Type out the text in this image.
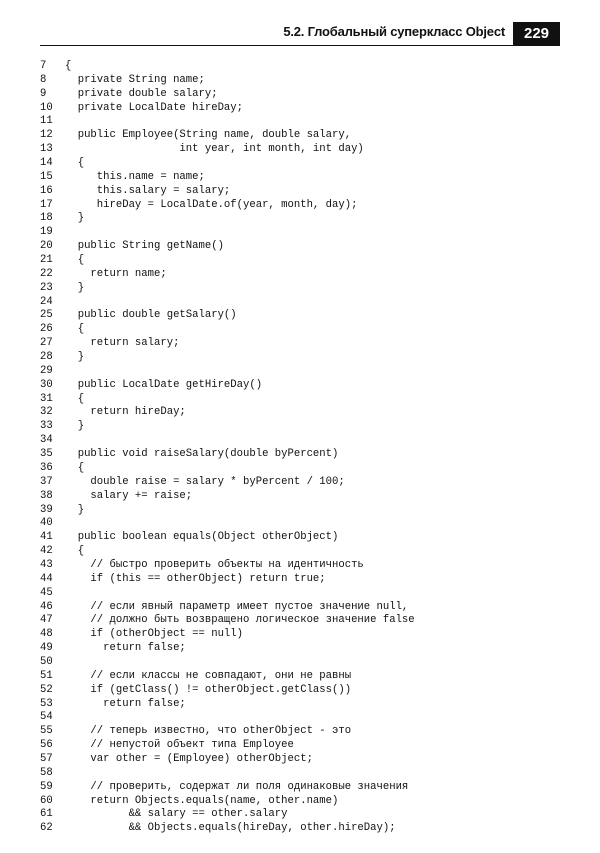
5.2. Глобальный суперкласс Object	229
7 {
8  private String name;
9  private double salary;
10  private LocalDate hireDay;
11
12  public Employee(String name, double salary,
13                  int year, int month, int day)
14  {
15     this.name = name;
16     this.salary = salary;
17     hireDay = LocalDate.of(year, month, day);
18  }
19
20  public String getName()
21  {
22    return name;
23  }
24
25  public double getSalary()
26  {
27    return salary;
28  }
29
30  public LocalDate getHireDay()
31  {
32    return hireDay;
33  }
34
35  public void raiseSalary(double byPercent)
36  {
37    double raise = salary * byPercent / 100;
38    salary += raise;
39  }
40
41  public boolean equals(Object otherObject)
42  {
43    // быстро проверить объекты на идентичность
44    if (this == otherObject) return true;
45
46    // если явный параметр имеет пустое значение null,
47    // должно быть возвращено логическое значение false
48    if (otherObject == null)
49      return false;
50
51    // если классы не совпадают, они не равны
52    if (getClass() != otherObject.getClass())
53      return false;
54
55    // теперь известно, что otherObject - это
56    // непустой объект типа Employee
57    var other = (Employee) otherObject;
58
59    // проверить, содержат ли поля одинаковые значения
60    return Objects.equals(name, other.name)
61          && salary == other.salary
62          && Objects.equals(hireDay, other.hireDay);
